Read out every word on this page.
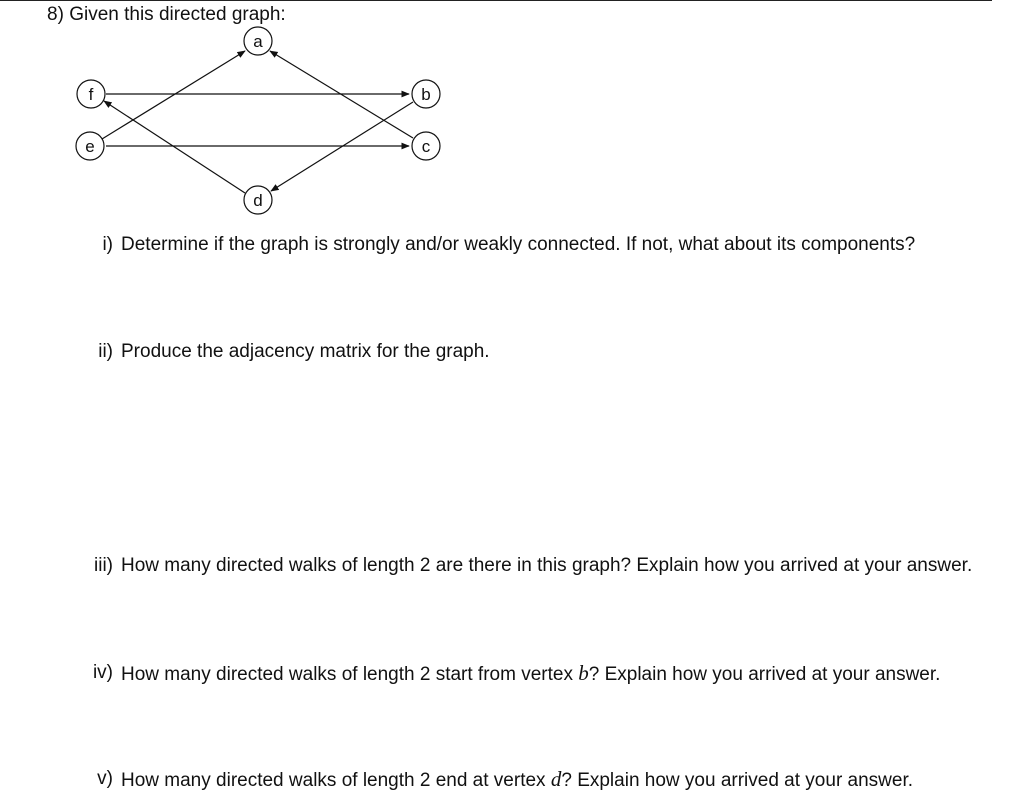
8) Given this directed graph:
a
f	b
e	c
d
i) Determine if the graph is strongly and/or weakly connected. If not, what about its components?
ii) Produce the adjacency matrix for the graph.
iii) How many directed walks of length 2 are there in this graph? Explain how you arrived at your answer.
iv) How many directed walks of length 2 start from vertex b? Explain how you arrived at your answer.
v) How many directed walks of length 2 end at vertex d? Explain how you arrived at your answer.
